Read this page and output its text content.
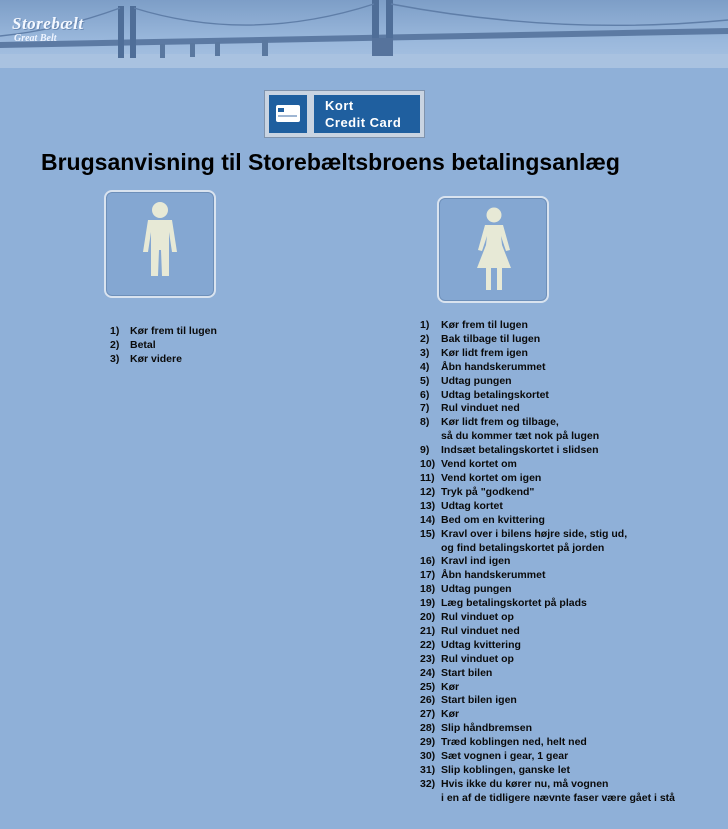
Storebælt
Great Belt
Kort
Credit Card
Brugsanvisning til Storebæltsbroens betalingsanlæg
1) Kør frem til lugen
2) Betal
3) Kør videre
1) Kør frem til lugen
2) Bak tilbage til lugen
3) Kør lidt frem igen
4) Åbn handskerummet
5) Udtag pungen
6) Udtag betalingskortet
7) Rul vinduet ned
8) Kør lidt frem og tilbage,
så du kommer tæt nok på lugen
9) Indsæt betalingskortet i slidsen
10) Vend kortet om
11) Vend kortet om igen
12) Tryk på "godkend"
13) Udtag kortet
14) Bed om en kvittering
15) Kravl over i bilens højre side, stig ud,
og find betalingskortet på jorden
16) Kravl ind igen
17) Åbn handskerummet
18) Udtag pungen
19) Læg betalingskortet på plads
20) Rul vinduet op
21) Rul vinduet ned
22) Udtag kvittering
23) Rul vinduet op
24) Start bilen
25) Kør
26) Start bilen igen
27) Kør
28) Slip håndbremsen
29) Træd koblingen ned, helt ned
30) Sæt vognen i gear, 1 gear
31) Slip koblingen, ganske let
32) Hvis ikke du kører nu, må vognen
i en af de tidligere nævnte faser være gået i stå
